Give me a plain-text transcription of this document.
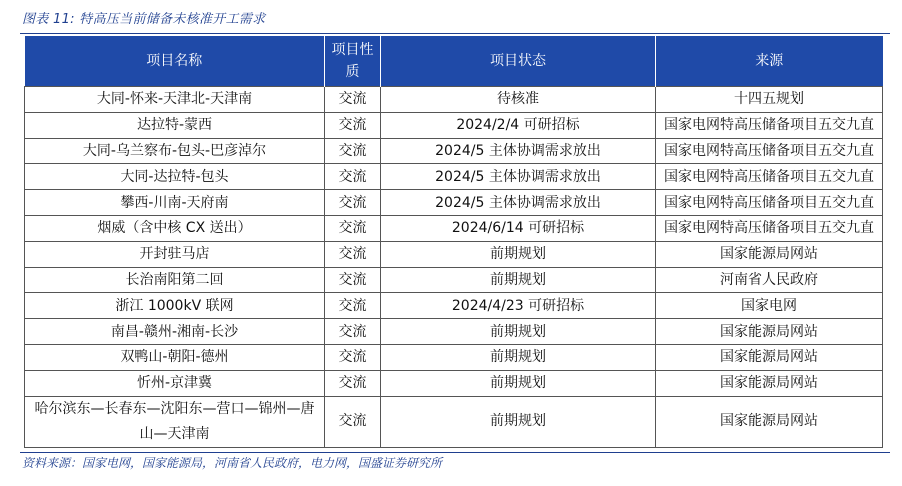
图表 11: 特高压当前储备未核准开工需求
项目名称	项目性质	项目状态	来源
大同-怀来-天津北-天津南	交流	待核准	十四五规划
达拉特-蒙西	交流	2024/2/4 可研招标	国家电网特高压储备项目五交九直
大同-乌兰察布-包头-巴彦淖尔	交流	2024/5 主体协调需求放出	国家电网特高压储备项目五交九直
大同-达拉特-包头	交流	2024/5 主体协调需求放出	国家电网特高压储备项目五交九直
攀西-川南-天府南	交流	2024/5 主体协调需求放出	国家电网特高压储备项目五交九直
烟威（含中核 CX 送出）	交流	2024/6/14 可研招标	国家电网特高压储备项目五交九直
开封驻马店	交流	前期规划	国家能源局网站
长治南阳第二回	交流	前期规划	河南省人民政府
浙江 1000kV 联网	交流	2024/4/23 可研招标	国家电网
南昌-赣州-湘南-长沙	交流	前期规划	国家能源局网站
双鸭山-朝阳-德州	交流	前期规划	国家能源局网站
忻州-京津冀	交流	前期规划	国家能源局网站
哈尔滨东—长春东—沈阳东—营口—锦州—唐山—天津南	交流	前期规划	国家能源局网站
资料来源：国家电网，国家能源局，河南省人民政府，电力网，国盛证券研究所
